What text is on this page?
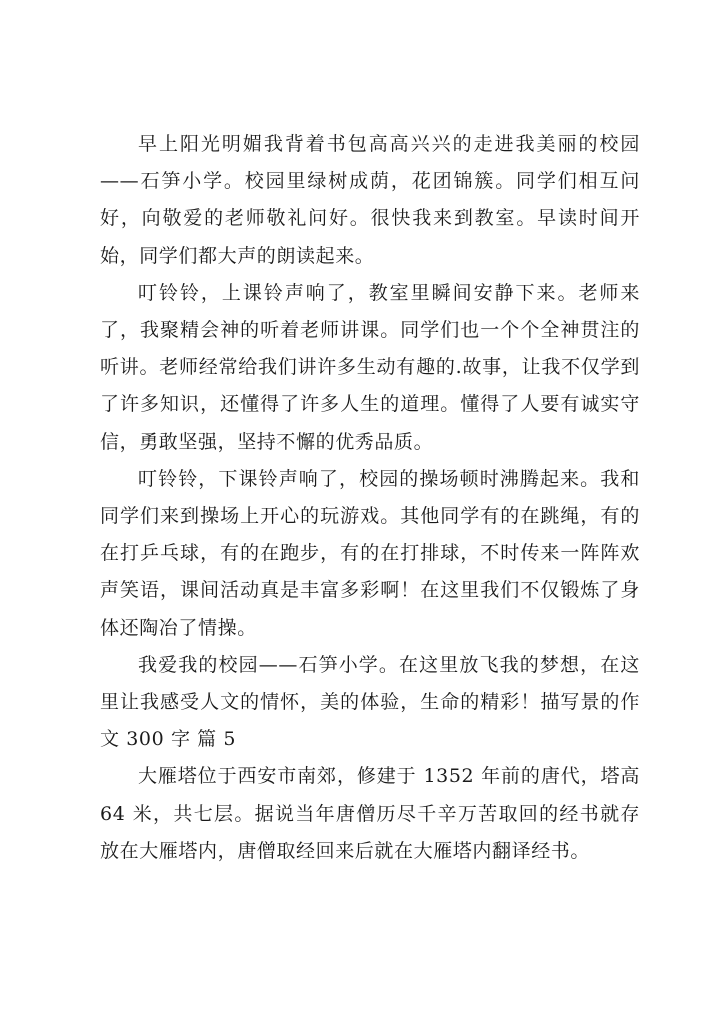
早上阳光明媚我背着书包高高兴兴的走进我美丽的校园——石笋小学。校园里绿树成荫，花团锦簇。同学们相互问好，向敬爱的老师敬礼问好。很快我来到教室。早读时间开始，同学们都大声的朗读起来。

叮铃铃，上课铃声响了，教室里瞬间安静下来。老师来了，我聚精会神的听着老师讲课。同学们也一个个全神贯注的听讲。老师经常给我们讲许多生动有趣的.故事，让我不仅学到了许多知识，还懂得了许多人生的道理。懂得了人要有诚实守信，勇敢坚强，坚持不懈的优秀品质。

叮铃铃，下课铃声响了，校园的操场顿时沸腾起来。我和同学们来到操场上开心的玩游戏。其他同学有的在跳绳，有的在打乒乓球，有的在跑步，有的在打排球，不时传来一阵阵欢声笑语，课间活动真是丰富多彩啊！在这里我们不仅锻炼了身体还陶冶了情操。

我爱我的校园——石笋小学。在这里放飞我的梦想，在这里让我感受人文的情怀，美的体验，生命的精彩！描写景的作文 300 字 篇 5

大雁塔位于西安市南郊，修建于 1352 年前的唐代，塔高 64 米，共七层。据说当年唐僧历尽千辛万苦取回的经书就存放在大雁塔内，唐僧取经回来后就在大雁塔内翻译经书。
